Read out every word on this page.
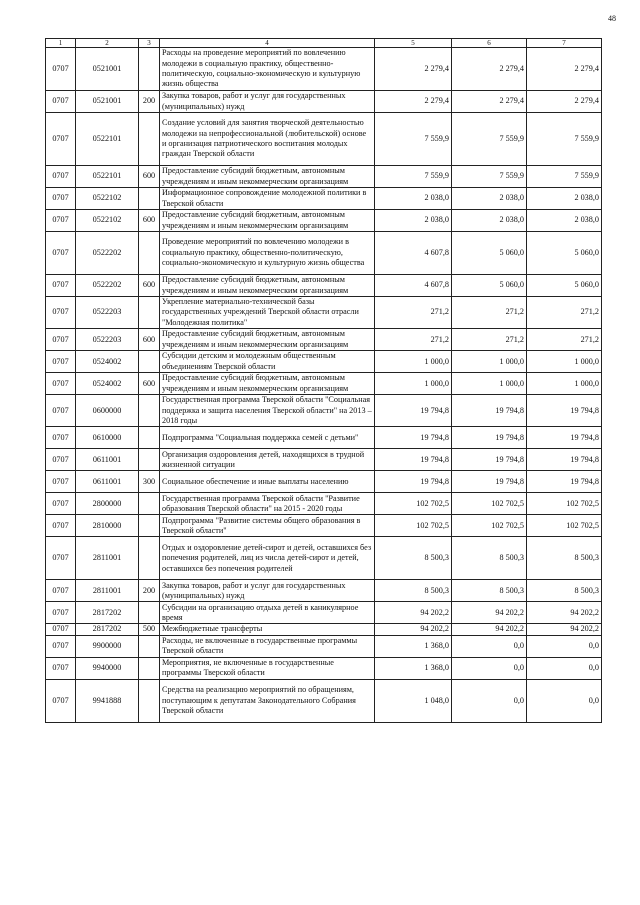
48
1	2	3	4	5	6	7
0707	0521001		Расходы на проведение мероприятий по вовлечению молодежи в социальную практику, общественно-политическую, социально-экономическую и культурную жизнь общества	2 279,4	2 279,4	2 279,4
0707	0521001	200	Закупка товаров, работ и услуг для государственных (муниципальных) нужд	2 279,4	2 279,4	2 279,4
0707	0522101		Создание условий для занятия творческой деятельностью молодежи на непрофессиональной (любительской) основе и организация патриотического воспитания молодых граждан Тверской области	7 559,9	7 559,9	7 559,9
0707	0522101	600	Предоставление субсидий бюджетным, автономным учреждениям и иным некоммерческим организациям	7 559,9	7 559,9	7 559,9
0707	0522102		Информационное сопровождение молодежной политики в Тверской области	2 038,0	2 038,0	2 038,0
0707	0522102	600	Предоставление субсидий бюджетным, автономным учреждениям и иным некоммерческим организациям	2 038,0	2 038,0	2 038,0
0707	0522202		Проведение мероприятий по вовлечению молодежи в социальную практику, общественно-политическую, социально-экономическую и культурную жизнь общества	4 607,8	5 060,0	5 060,0
0707	0522202	600	Предоставление субсидий бюджетным, автономным учреждениям и иным некоммерческим организациям	4 607,8	5 060,0	5 060,0
0707	0522203		Укрепление материально-технической базы государственных учреждений Тверской области отрасли "Молодежная политика"	271,2	271,2	271,2
0707	0522203	600	Предоставление субсидий бюджетным, автономным учреждениям и иным некоммерческим организациям	271,2	271,2	271,2
0707	0524002		Субсидии детским и молодежным общественным объединениям Тверской области	1 000,0	1 000,0	1 000,0
0707	0524002	600	Предоставление субсидий бюджетным, автономным учреждениям и иным некоммерческим организациям	1 000,0	1 000,0	1 000,0
0707	0600000		Государственная программа Тверской области "Социальная поддержка и защита населения Тверской области" на 2013 – 2018 годы	19 794,8	19 794,8	19 794,8
0707	0610000		Подпрограмма "Социальная поддержка семей с детьми"	19 794,8	19 794,8	19 794,8
0707	0611001		Организация оздоровления детей, находящихся в трудной жизненной ситуации	19 794,8	19 794,8	19 794,8
0707	0611001	300	Социальное обеспечение и иные выплаты населению	19 794,8	19 794,8	19 794,8
0707	2800000		Государственная программа Тверской области "Развитие образования Тверской области" на 2015 - 2020 годы	102 702,5	102 702,5	102 702,5
0707	2810000		Подпрограмма "Развитие системы общего образования в Тверской области"	102 702,5	102 702,5	102 702,5
0707	2811001		Отдых и оздоровление детей-сирот и детей, оставшихся без попечения родителей, лиц из числа детей-сирот и детей, оставшихся без попечения родителей	8 500,3	8 500,3	8 500,3
0707	2811001	200	Закупка товаров, работ и услуг для государственных (муниципальных) нужд	8 500,3	8 500,3	8 500,3
0707	2817202		Субсидии на организацию отдыха детей в каникулярное время	94 202,2	94 202,2	94 202,2
0707	2817202	500	Межбюджетные трансферты	94 202,2	94 202,2	94 202,2
0707	9900000		Расходы, не включенные в государственные программы Тверской области	1 368,0	0,0	0,0
0707	9940000		Мероприятия, не включенные в государственные программы Тверской области	1 368,0	0,0	0,0
0707	9941888		Средства на реализацию мероприятий по обращениям, поступающим к депутатам Законодательного Собрания Тверской области	1 048,0	0,0	0,0
